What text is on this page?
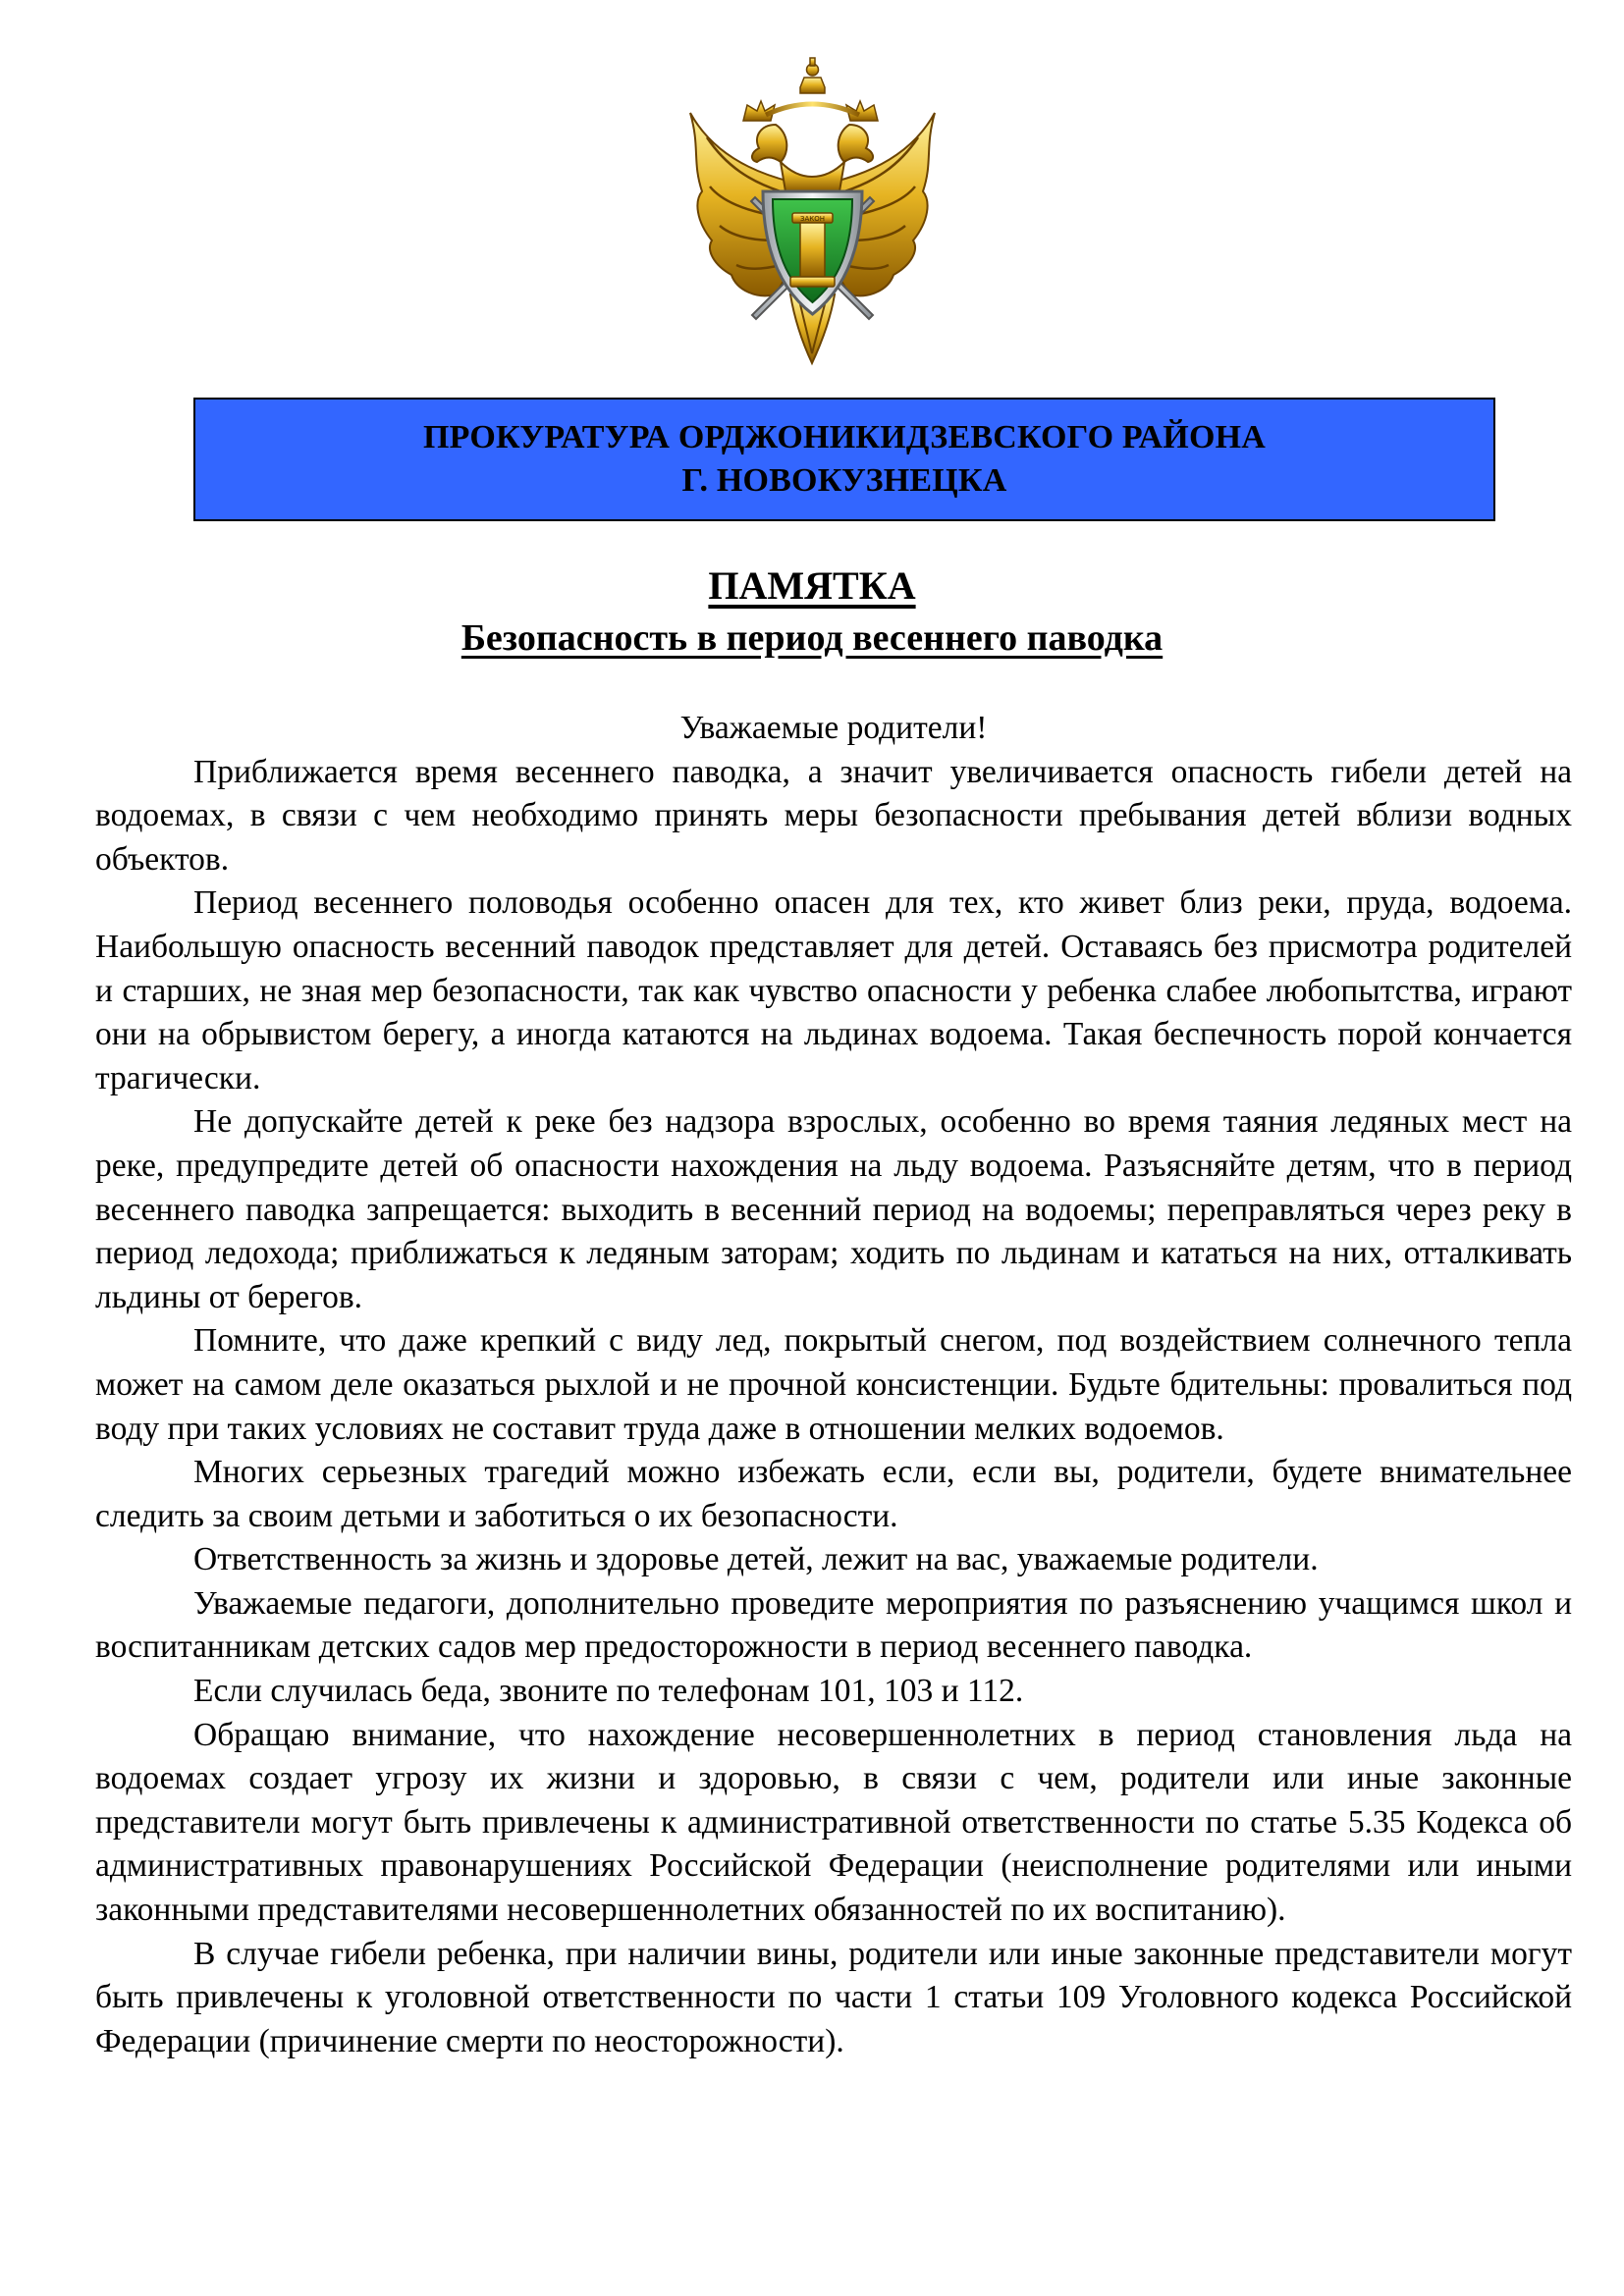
ЗАКОН
ПРОКУРАТУРА ОРДЖОНИКИДЗЕВСКОГО РАЙОНА
Г. НОВОКУЗНЕЦКА
ПАМЯТКА
Безопасность в период весеннего паводка

Уважаемые родители!

Приближается время весеннего паводка, а значит увеличивается опасность гибели детей на водоемах, в связи с чем необходимо принять меры безопасности пребывания детей вблизи водных объектов.

Период весеннего половодья особенно опасен для тех, кто живет близ реки, пруда, водоема. Наибольшую опасность весенний паводок представляет для детей. Оставаясь без присмотра родителей и старших, не зная мер безопасности, так как чувство опасности у ребенка слабее любопытства, играют они на обрывистом берегу, а иногда катаются на льдинах водоема. Такая беспечность порой кончается трагически.

Не допускайте детей к реке без надзора взрослых, особенно во время таяния ледяных мест на реке, предупредите детей об опасности нахождения на льду водоема. Разъясняйте детям, что в период весеннего паводка запрещается: выходить в весенний период на водоемы; переправляться через реку в период ледохода; приближаться к ледяным заторам; ходить по льдинам и кататься на них, отталкивать льдины от берегов.

Помните, что даже крепкий с виду лед, покрытый снегом, под воздействием солнечного тепла может на самом деле оказаться рыхлой и не прочной консистенции. Будьте бдительны: провалиться под воду при таких условиях не составит труда даже в отношении мелких водоемов.

Многих серьезных трагедий можно избежать если, если вы, родители, будете внимательнее следить за своим детьми и заботиться о их безопасности.

Ответственность за жизнь и здоровье детей, лежит на вас, уважаемые родители.

Уважаемые педагоги, дополнительно проведите мероприятия по разъяснению учащимся школ и воспитанникам детских садов мер предосторожности в период весеннего паводка.

Если случилась беда, звоните по телефонам 101, 103 и 112.

Обращаю внимание, что нахождение несовершеннолетних в период становления льда на водоемах создает угрозу их жизни и здоровью, в связи с чем, родители или иные законные представители могут быть привлечены к административной ответственности по статье 5.35 Кодекса об административных правонарушениях Российской Федерации (неисполнение родителями или иными законными представителями несовершеннолетних обязанностей по их воспитанию).

В случае гибели ребенка, при наличии вины, родители или иные законные представители могут быть привлечены к уголовной ответственности по части 1 статьи 109 Уголовного кодекса Российской Федерации (причинение смерти по неосторожности).
